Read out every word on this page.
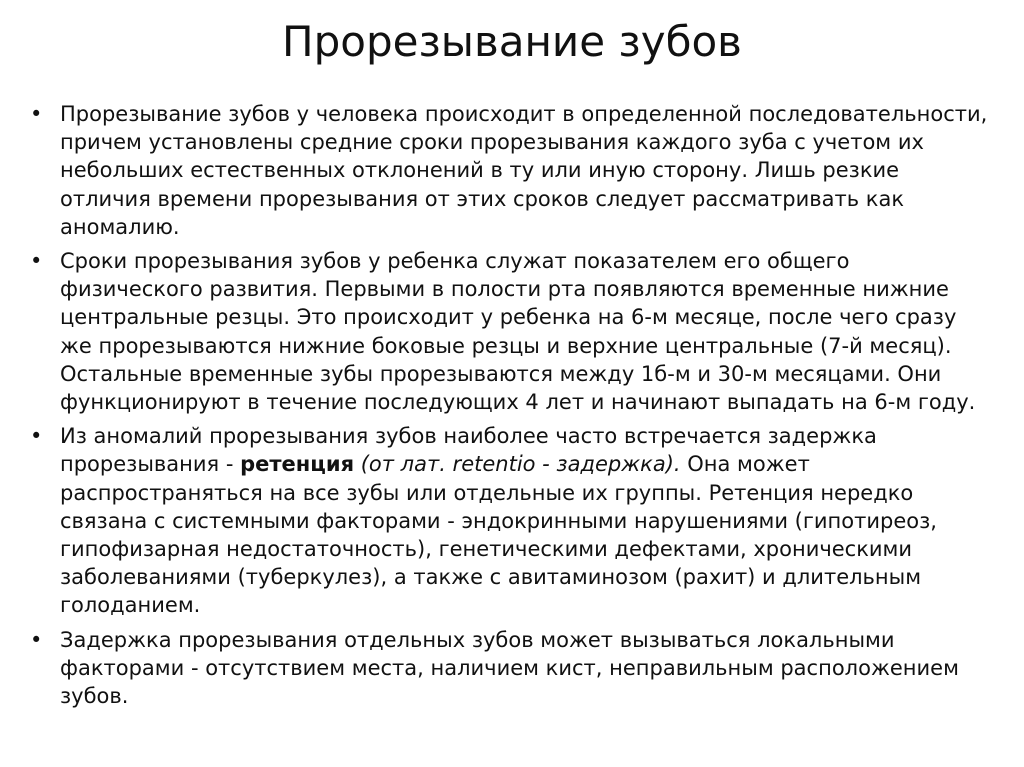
Прорезывание зубов
• Прорезывание зубов у человека происходит в определенной последовательности, причем установлены средние сроки прорезывания каждого зуба с учетом их небольших естественных отклонений в ту или иную сторону. Лишь резкие отличия времени прорезывания от этих сроков следует рассматривать как аномалию.
• Сроки прорезывания зубов у ребенка служат показателем его общего физического развития. Первыми в полости рта появляются временные нижние центральные резцы. Это происходит у ребенка на 6-м месяце, после чего сразу же прорезываются нижние боковые резцы и верхние центральные (7-й месяц). Остальные временные зубы прорезываются между 1б-м и 30-м месяцами. Они функционируют в течение последующих 4 лет и начинают выпадать на 6-м году.
• Из аномалий прорезывания зубов наиболее часто встречается задержка прорезывания - ретенция (от лат. retentio - задержка). Она может распространяться на все зубы или отдельные их группы. Ретенция нередко связана с системными факторами - эндокринными нарушениями (гипотиреоз, гипофизарная недостаточность), генетическими дефектами, хроническими заболеваниями (туберкулез), а также с авитаминозом (рахит) и длительным голоданием.
• Задержка прорезывания отдельных зубов может вызываться локальными факторами - отсутствием места, наличием кист, неправильным расположением зубов.
